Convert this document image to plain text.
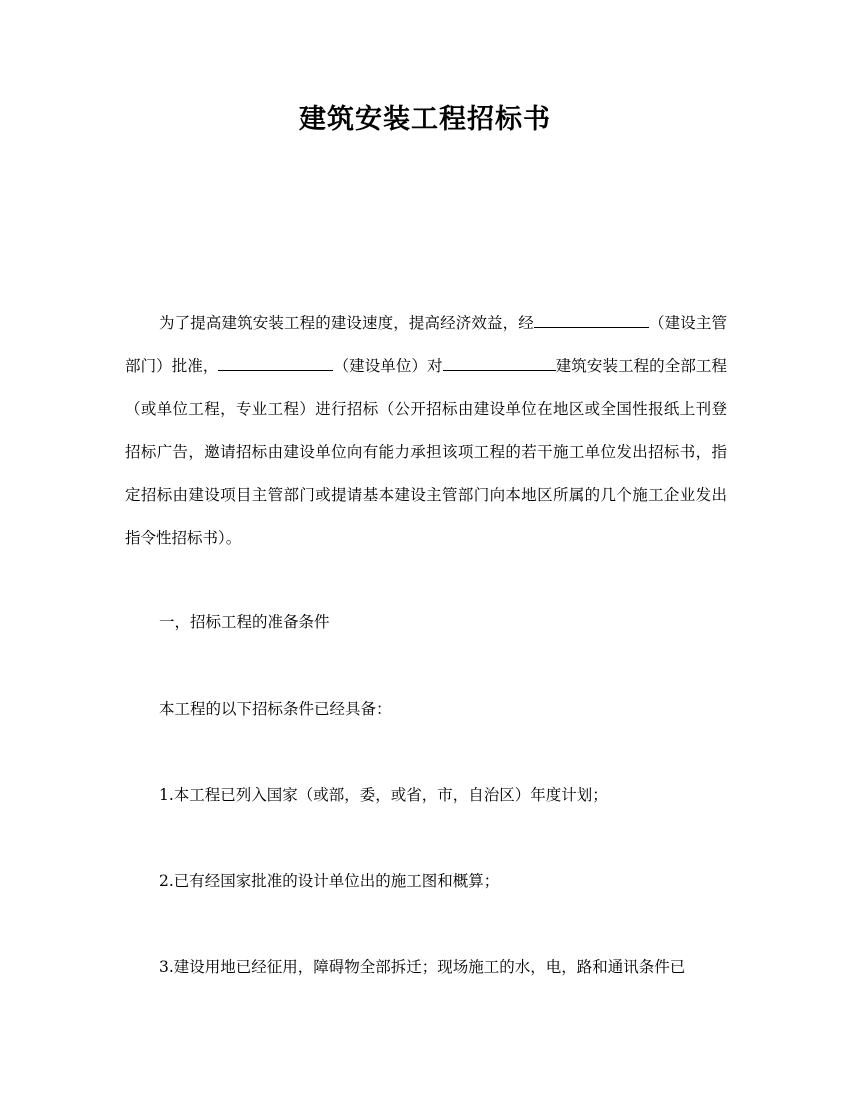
建筑安装工程招标书

为了提高建筑安装工程的建设速度，提高经济效益，经	（建设主管部门）批准，	（建设单位）对	建筑安装工程的全部工程（或单位工程，专业工程）进行招标（公开招标由建设单位在地区或全国性报纸上刊登招标广告，邀请招标由建设单位向有能力承担该项工程的若干施工单位发出招标书，指定招标由建设项目主管部门或提请基本建设主管部门向本地区所属的几个施工企业发出指令性招标书）。

一，招标工程的准备条件

本工程的以下招标条件已经具备：

1.本工程已列入国家（或部，委，或省，市，自治区）年度计划；

2.已有经国家批准的设计单位出的施工图和概算；

3.建设用地已经征用，障碍物全部拆迁；现场施工的水，电，路和通讯条件已
